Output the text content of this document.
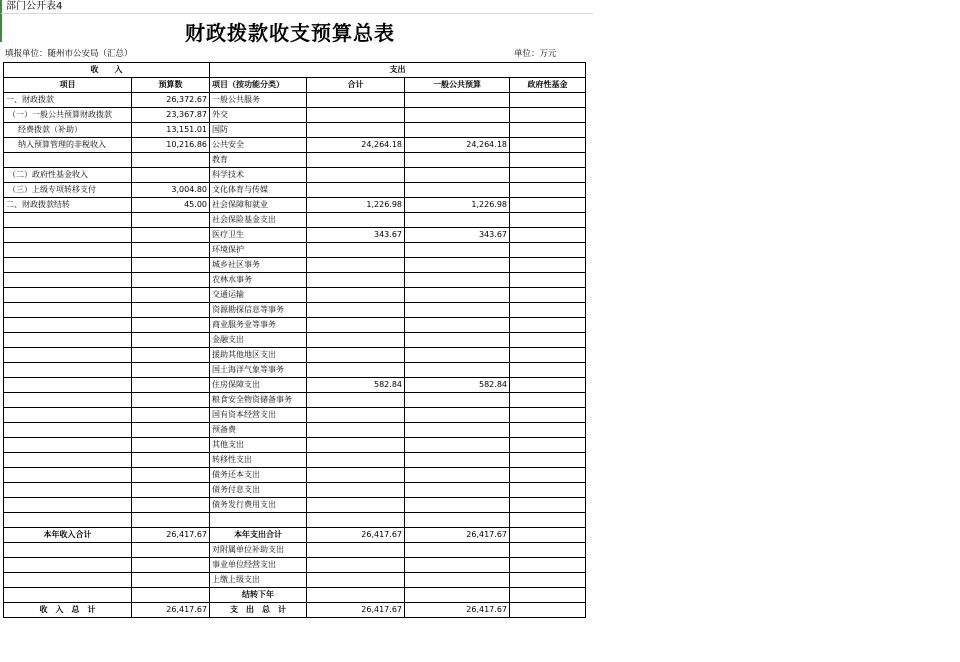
部门公开表4
财政拨款收支预算总表
填报单位：随州市公安局（汇总）	单位：万元
收　　入		支出			
项目	预算数	项目（按功能分类）	合计	一般公共预算	政府性基金
一、财政拨款	26,372.67	一般公共服务			
（一）一般公共预算财政拨款	23,367.87	外交			
经费拨款（补助）	13,151.01	国防			
纳入预算管理的非税收入	10,216.86	公共安全	24,264.18	24,264.18	
		教育			
（二）政府性基金收入		科学技术			
（三）上级专项转移支付	3,004.80	文化体育与传媒			
二、财政拨款结转	45.00	社会保障和就业	1,226.98	1,226.98	
		社会保险基金支出			
		医疗卫生	343.67	343.67	
		环境保护			
		城乡社区事务			
		农林水事务			
		交通运输			
		资源勘探信息等事务			
		商业服务业等事务			
		金融支出			
		援助其他地区支出			
		国土海洋气象等事务			
		住房保障支出	582.84	582.84	
		粮食安全物资储备事务			
		国有资本经营支出			
		预备费			
		其他支出			
		转移性支出			
		债务还本支出			
		债务付息支出			
		债务发行费用支出			

本年收入合计	26,417.67	本年支出合计	26,417.67	26,417.67	
		对附属单位补助支出			
		事业单位经营支出			
		上缴上级支出			
		结转下年			
收　入　总　计	26,417.67	支　出　总　计	26,417.67	26,417.67	
